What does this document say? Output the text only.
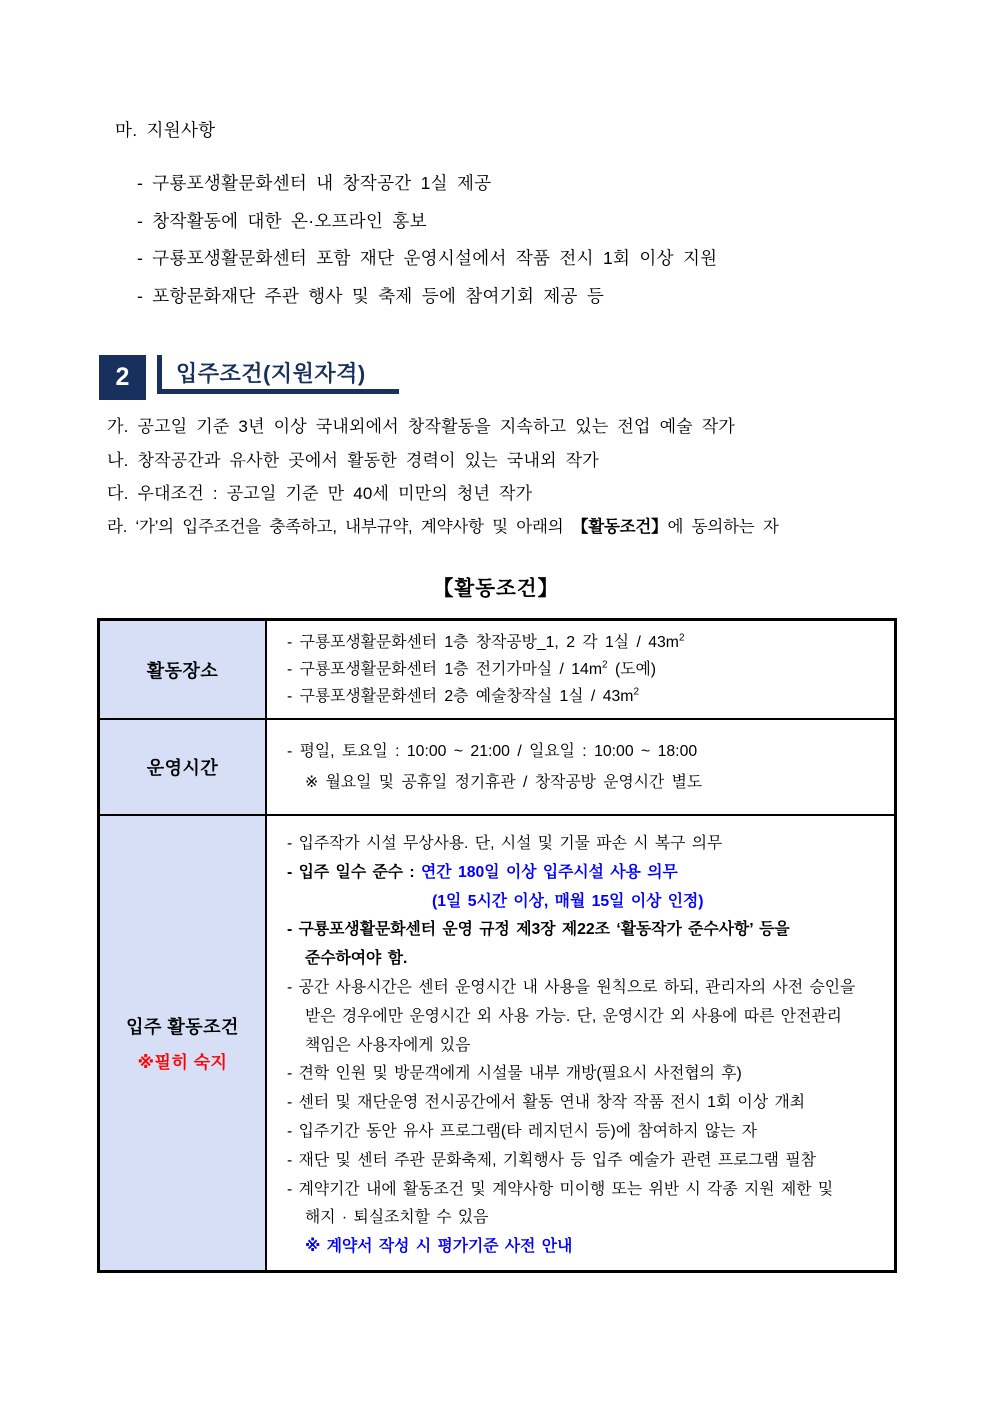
마. 지원사항
- 구룡포생활문화센터 내 창작공간 1실 제공
- 창작활동에 대한 온·오프라인 홍보
- 구룡포생활문화센터 포함 재단 운영시설에서 작품 전시 1회 이상 지원
- 포항문화재단 주관 행사 및 축제 등에 참여기회 제공 등
2	입주조건(지원자격)
가. 공고일 기준 3년 이상 국내외에서 창작활동을 지속하고 있는 전업 예술 작가
나. 창작공간과 유사한 곳에서 활동한 경력이 있는 국내외 작가
다. 우대조건 : 공고일 기준 만 40세 미만의 청년 작가
라. ‘가’의 입주조건을 충족하고, 내부규약, 계약사항 및 아래의 【활동조건】에 동의하는 자
【활동조건】
활동장소	- 구룡포생활문화센터 1층 창작공방_1, 2 각 1실 / $43m^2$
- 구룡포생활문화센터 1층 전기가마실 / $14m^2$ (도예)
- 구룡포생활문화센터 2층 예술창작실 1실 / $43m^2$

운영시간	- 평일, 토요일 : 10:00 ~ 21:00 / 일요일 : 10:00 ~ 18:00
※ 월요일 및 공휴일 정기휴관 / 창작공방 운영시간 별도

입주 활동조건
※필히 숙지

- 입주작가 시설 무상사용. 단, 시설 및 기물 파손 시 복구 의무
- 입주 일수 준수 : 연간 180일 이상 입주시설 사용 의무
(1일 5시간 이상, 매월 15일 이상 인정)
- 구룡포생활문화센터 운영 규정 제3장 제22조 ‘활동작가 준수사항’ 등을
준수하여야 함.
- 공간 사용시간은 센터 운영시간 내 사용을 원칙으로 하되, 관리자의 사전 승인을
받은 경우에만 운영시간 외 사용 가능. 단, 운영시간 외 사용에 따른 안전관리
책임은 사용자에게 있음
- 견학 인원 및 방문객에게 시설물 내부 개방(필요시 사전협의 후)
- 센터 및 재단운영 전시공간에서 활동 연내 창작 작품 전시 1회 이상 개최
- 입주기간 동안 유사 프로그램(타 레지던시 등)에 참여하지 않는 자
- 재단 및 센터 주관 문화축제, 기획행사 등 입주 예술가 관련 프로그램 필참
- 계약기간 내에 활동조건 및 계약사항 미이행 또는 위반 시 각종 지원 제한 및
해지 · 퇴실조치할 수 있음
※ 계약서 작성 시 평가기준 사전 안내
